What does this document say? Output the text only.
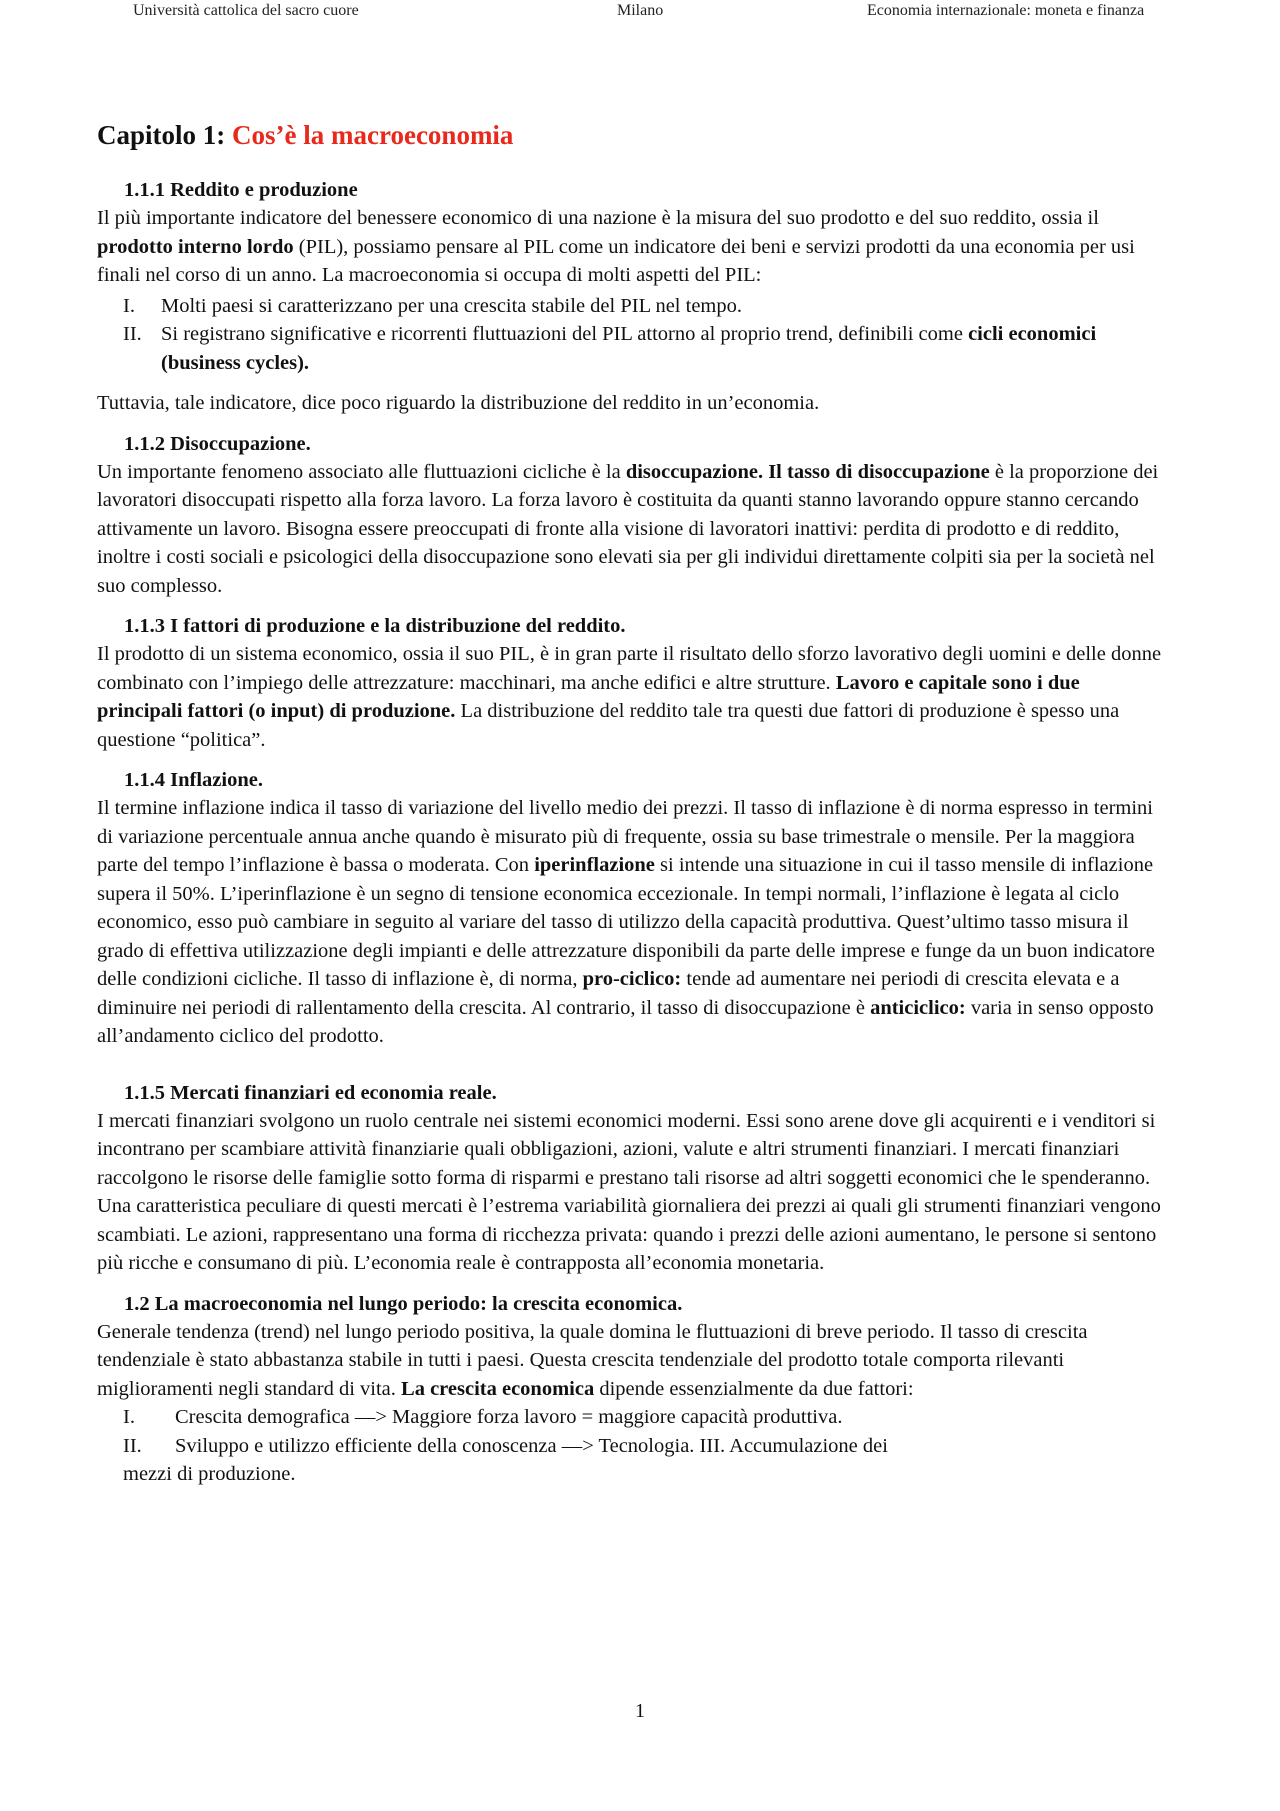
Università cattolica del sacro cuore	Milano	Economia internazionale: moneta e finanza
Capitolo 1: Cos’è la macroeconomia
1.1.1 Reddito e produzione

Il più importante indicatore del benessere economico di una nazione è la misura del suo prodotto e del suo reddito, ossia il prodotto interno lordo (PIL), possiamo pensare al PIL come un indicatore dei beni e servizi prodotti da una economia per usi finali nel corso di un anno. La macroeconomia si occupa di molti aspetti del PIL:

I. Molti paesi si caratterizzano per una crescita stabile del PIL nel tempo.
II. Si registrano significative e ricorrenti fluttuazioni del PIL attorno al proprio trend, definibili come cicli economici (business cycles).

Tuttavia, tale indicatore, dice poco riguardo la distribuzione del reddito in un’economia.

1.1.2 Disoccupazione.

Un importante fenomeno associato alle fluttuazioni cicliche è la disoccupazione. Il tasso di disoccupazione è la proporzione dei lavoratori disoccupati rispetto alla forza lavoro. La forza lavoro è costituita da quanti stanno lavorando oppure stanno cercando attivamente un lavoro. Bisogna essere preoccupati di fronte alla visione di lavoratori inattivi: perdita di prodotto e di reddito, inoltre i costi sociali e psicologici della disoccupazione sono elevati sia per gli individui direttamente colpiti sia per la società nel suo complesso.

1.1.3 I fattori di produzione e la distribuzione del reddito.

Il prodotto di un sistema economico, ossia il suo PIL, è in gran parte il risultato dello sforzo lavorativo degli uomini e delle donne combinato con l’impiego delle attrezzature: macchinari, ma anche edifici e altre strutture. Lavoro e capitale sono i due principali fattori (o input) di produzione. La distribuzione del reddito tale tra questi due fattori di produzione è spesso una questione “politica”.

1.1.4 Inflazione.

Il termine inflazione indica il tasso di variazione del livello medio dei prezzi. Il tasso di inflazione è di norma espresso in termini di variazione percentuale annua anche quando è misurato più di frequente, ossia su base trimestrale o mensile. Per la maggiora parte del tempo l’inflazione è bassa o moderata. Con iperinflazione si intende una situazione in cui il tasso mensile di inflazione supera il 50%. L’iperinflazione è un segno di tensione economica eccezionale. In tempi normali, l’inflazione è legata al ciclo economico, esso può cambiare in seguito al variare del tasso di utilizzo della capacità produttiva. Quest’ultimo tasso misura il grado di effettiva utilizzazione degli impianti e delle attrezzature disponibili da parte delle imprese e funge da un buon indicatore delle condizioni cicliche. Il tasso di inflazione è, di norma, pro-ciclico: tende ad aumentare nei periodi di crescita elevata e a diminuire nei periodi di rallentamento della crescita. Al contrario, il tasso di disoccupazione è anticiclico: varia in senso opposto all’andamento ciclico del prodotto.

1.1.5 Mercati finanziari ed economia reale.

I mercati finanziari svolgono un ruolo centrale nei sistemi economici moderni. Essi sono arene dove gli acquirenti e i venditori si incontrano per scambiare attività finanziarie quali obbligazioni, azioni, valute e altri strumenti finanziari. I mercati finanziari raccolgono le risorse delle famiglie sotto forma di risparmi e prestano tali risorse ad altri soggetti economici che le spenderanno. Una caratteristica peculiare di questi mercati è l’estrema variabilità giornaliera dei prezzi ai quali gli strumenti finanziari vengono scambiati. Le azioni, rappresentano una forma di ricchezza privata: quando i prezzi delle azioni aumentano, le persone si sentono più ricche e consumano di più. L’economia reale è contrapposta all’economia monetaria.

1.2 La macroeconomia nel lungo periodo: la crescita economica.

Generale tendenza (trend) nel lungo periodo positiva, la quale domina le fluttuazioni di breve periodo. Il tasso di crescita tendenziale è stato abbastanza stabile in tutti i paesi. Questa crescita tendenziale del prodotto totale comporta rilevanti miglioramenti negli standard di vita. La crescita economica dipende essenzialmente da due fattori:

I. Crescita demografica —> Maggiore forza lavoro = maggiore capacità produttiva.
II. Sviluppo e utilizzo efficiente della conoscenza —> Tecnologia. III. Accumulazione dei
mezzi di produzione.
1
